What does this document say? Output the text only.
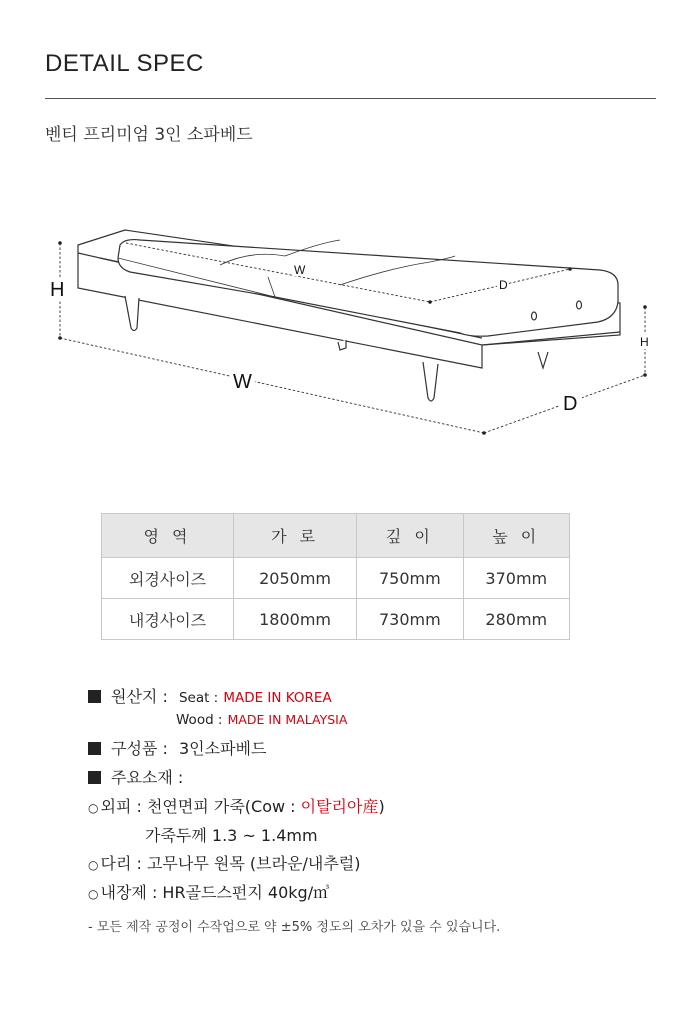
DETAIL SPEC
벤티 프리미엄 3인 소파베드
H
W
D
W
D
H
영 역	가 로	깊 이	높 이
외경사이즈	2050mm	750mm	370mm
내경사이즈	1800mm	730mm	280mm
원산지 : Seat : MADE IN KOREA
Wood : MADE IN MALAYSIA
구성품 : 3인소파베드
주요소재 :
○ 외피 : 천연면피 가죽(Cow : 이탈리아産)
가죽두께 1.3 ~ 1.4mm
○ 다리 : 고무나무 원목 (브라운/내추럴)
○ 내장제 : HR골드스펀지 40kg/㎥
- 모든 제작 공정이 수작업으로 약 ±5% 정도의 오차가 있을 수 있습니다.
